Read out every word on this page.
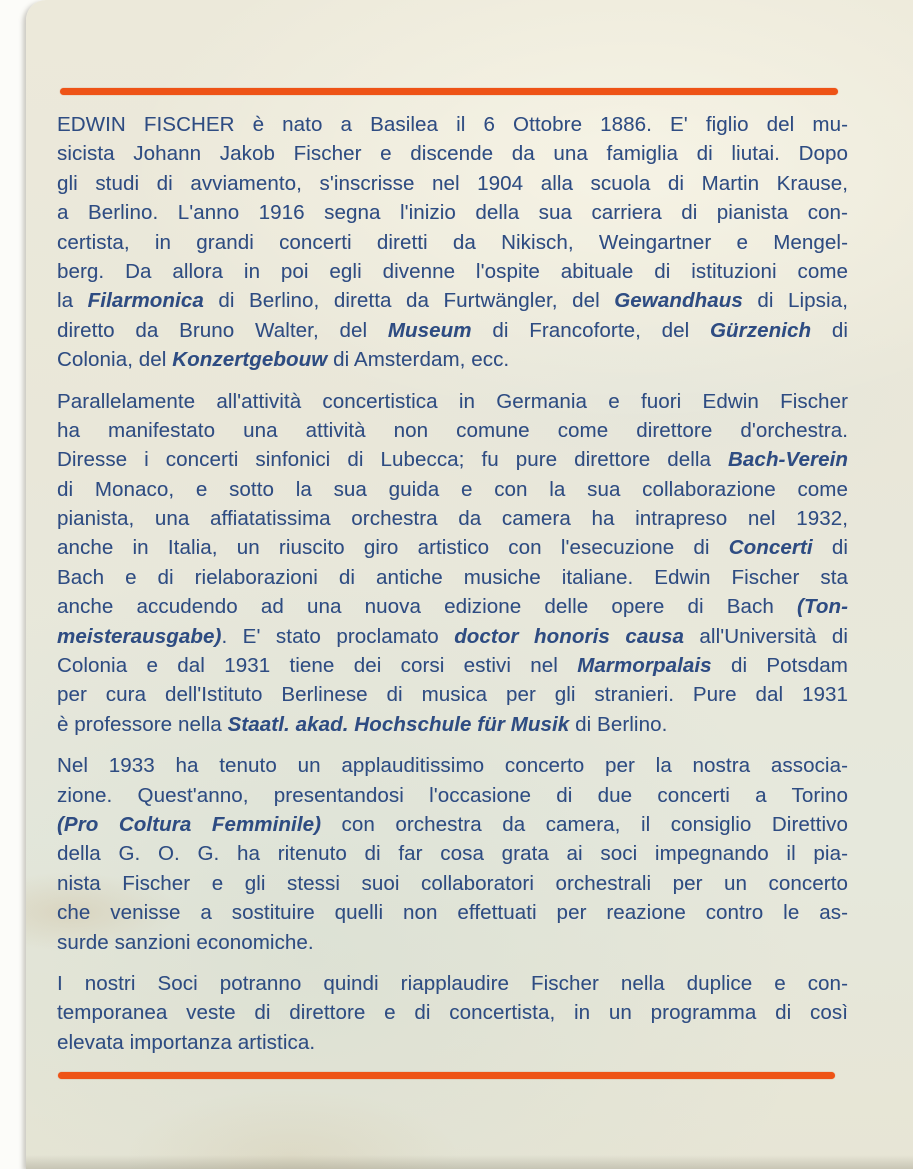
EDWIN FISCHER è nato a Basilea il 6 Ottobre 1886. E' figlio del mu-
sicista Johann Jakob Fischer e discende da una famiglia di liutai. Dopo
gli studi di avviamento, s'inscrisse nel 1904 alla scuola di Martin Krause,
a Berlino. L'anno 1916 segna l'inizio della sua carriera di pianista con-
certista, in grandi concerti diretti da Nikisch, Weingartner e Mengel-
berg. Da allora in poi egli divenne l'ospite abituale di istituzioni come
la Filarmonica di Berlino, diretta da Furtwängler, del Gewandhaus di Lipsia,
diretto da Bruno Walter, del Museum di Francoforte, del Gürzenich di
Colonia, del Konzertgebouw di Amsterdam, ecc.
Parallelamente all'attività concertistica in Germania e fuori Edwin Fischer
ha manifestato una attività non comune come direttore d'orchestra.
Diresse i concerti sinfonici di Lubecca; fu pure direttore della Bach-Verein
di Monaco, e sotto la sua guida e con la sua collaborazione come
pianista, una affiatatissima orchestra da camera ha intrapreso nel 1932,
anche in Italia, un riuscito giro artistico con l'esecuzione di Concerti di
Bach e di rielaborazioni di antiche musiche italiane. Edwin Fischer sta
anche accudendo ad una nuova edizione delle opere di Bach (Ton-
meisterausgabe). E' stato proclamato doctor honoris causa all'Università di
Colonia e dal 1931 tiene dei corsi estivi nel Marmorpalais di Potsdam
per cura dell'Istituto Berlinese di musica per gli stranieri. Pure dal 1931
è professore nella Staatl. akad. Hochschule für Musik di Berlino.
Nel 1933 ha tenuto un applauditissimo concerto per la nostra associa-
zione. Quest'anno, presentandosi l'occasione di due concerti a Torino
(Pro Coltura Femminile) con orchestra da camera, il consiglio Direttivo
della G. O. G. ha ritenuto di far cosa grata ai soci impegnando il pia-
nista Fischer e gli stessi suoi collaboratori orchestrali per un concerto
che venisse a sostituire quelli non effettuati per reazione contro le as-
surde sanzioni economiche.
I nostri Soci potranno quindi riapplaudire Fischer nella duplice e con-
temporanea veste di direttore e di concertista, in un programma di così
elevata importanza artistica.
